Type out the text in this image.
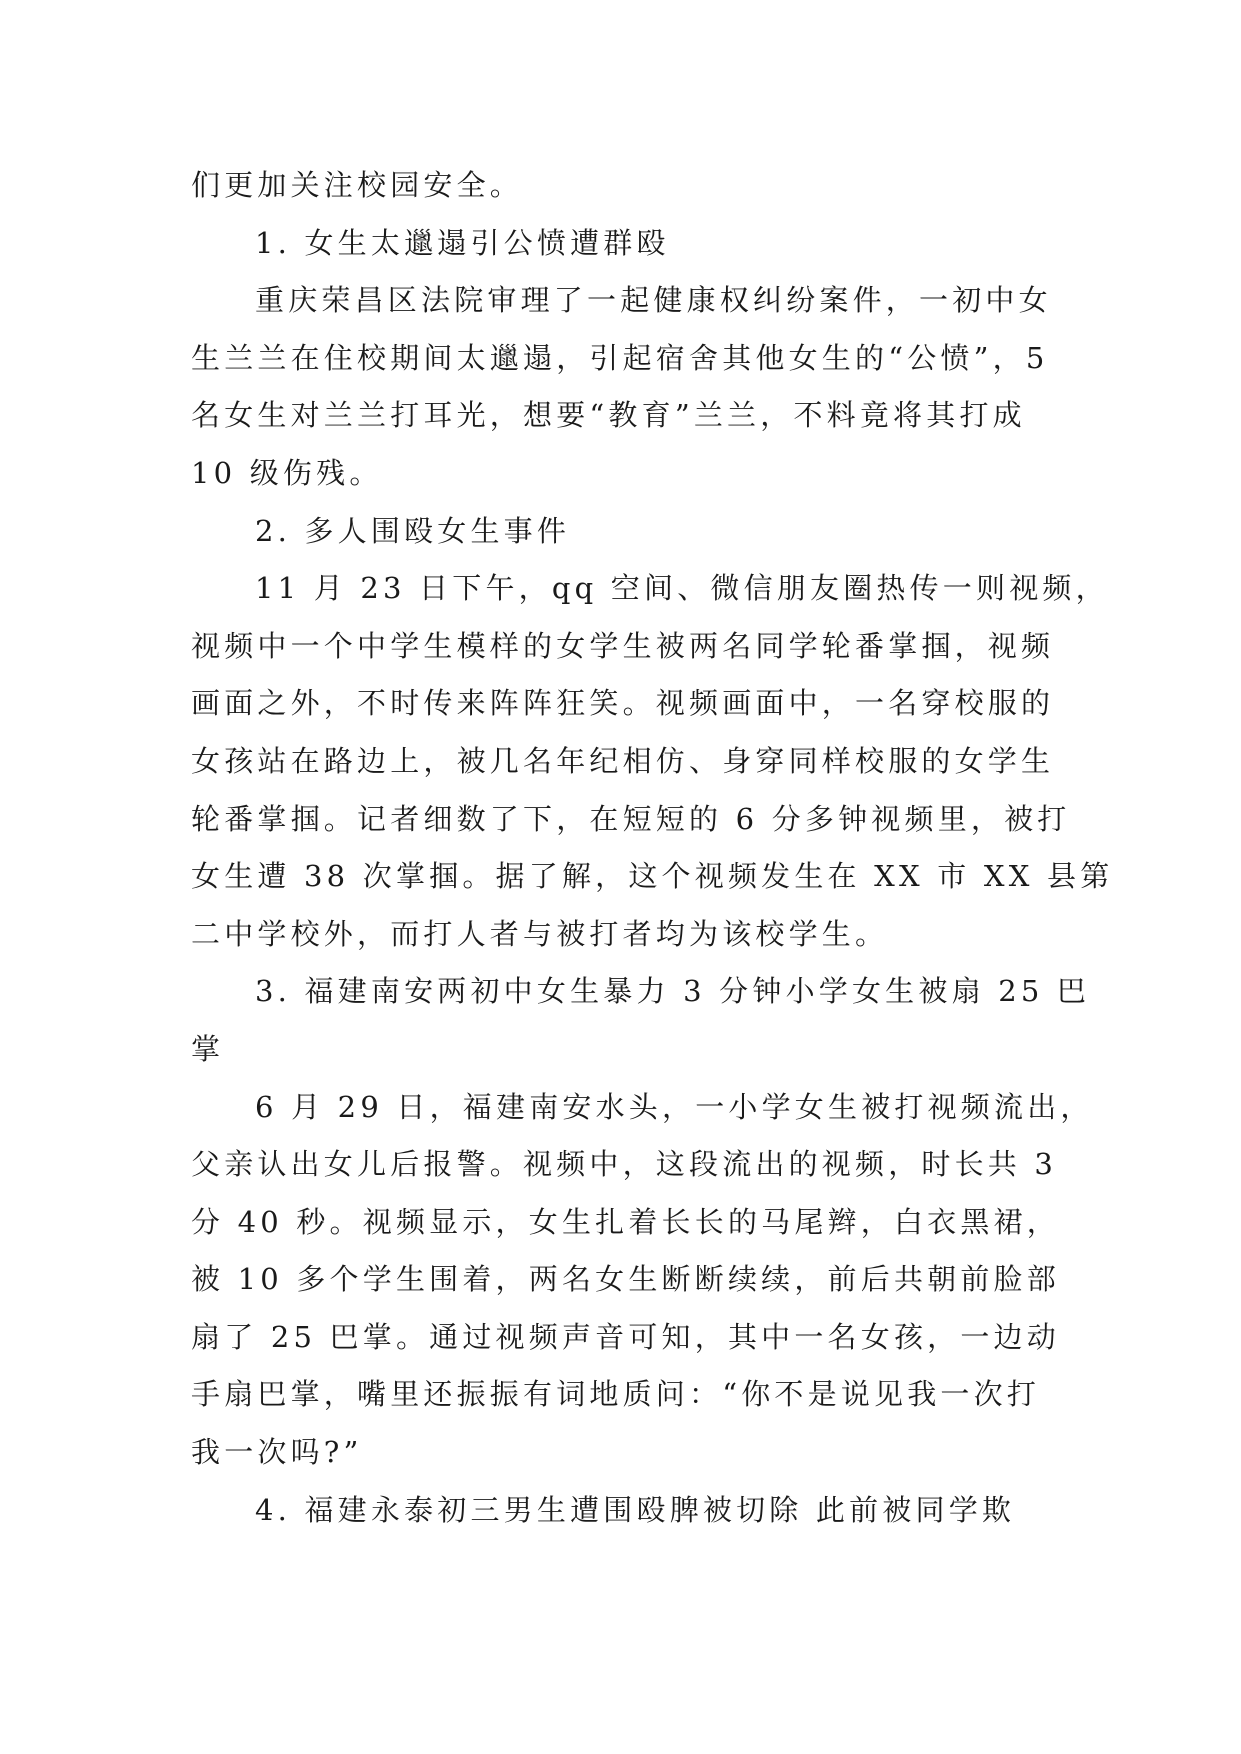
们更加关注校园安全。
1. 女生太邋遢引公愤遭群殴
重庆荣昌区法院审理了一起健康权纠纷案件，一初中女
生兰兰在住校期间太邋遢，引起宿舍其他女生的“公愤”，5
名女生对兰兰打耳光，想要“教育”兰兰，不料竟将其打成
10 级伤残。
2. 多人围殴女生事件
11 月 23 日下午，qq 空间、微信朋友圈热传一则视频，
视频中一个中学生模样的女学生被两名同学轮番掌掴，视频
画面之外，不时传来阵阵狂笑。视频画面中，一名穿校服的
女孩站在路边上，被几名年纪相仿、身穿同样校服的女学生
轮番掌掴。记者细数了下，在短短的 6 分多钟视频里，被打
女生遭 38 次掌掴。据了解，这个视频发生在 XX 市 XX 县第
二中学校外，而打人者与被打者均为该校学生。
3. 福建南安两初中女生暴力 3 分钟小学女生被扇 25 巴
掌
6 月 29 日，福建南安水头，一小学女生被打视频流出，
父亲认出女儿后报警。视频中，这段流出的视频，时长共 3
分 40 秒。视频显示，女生扎着长长的马尾辫，白衣黑裙，
被 10 多个学生围着，两名女生断断续续，前后共朝前脸部
扇了 25 巴掌。通过视频声音可知，其中一名女孩，一边动
手扇巴掌，嘴里还振振有词地质问：“你不是说见我一次打
我一次吗?”
4. 福建永泰初三男生遭围殴脾被切除 此前被同学欺
